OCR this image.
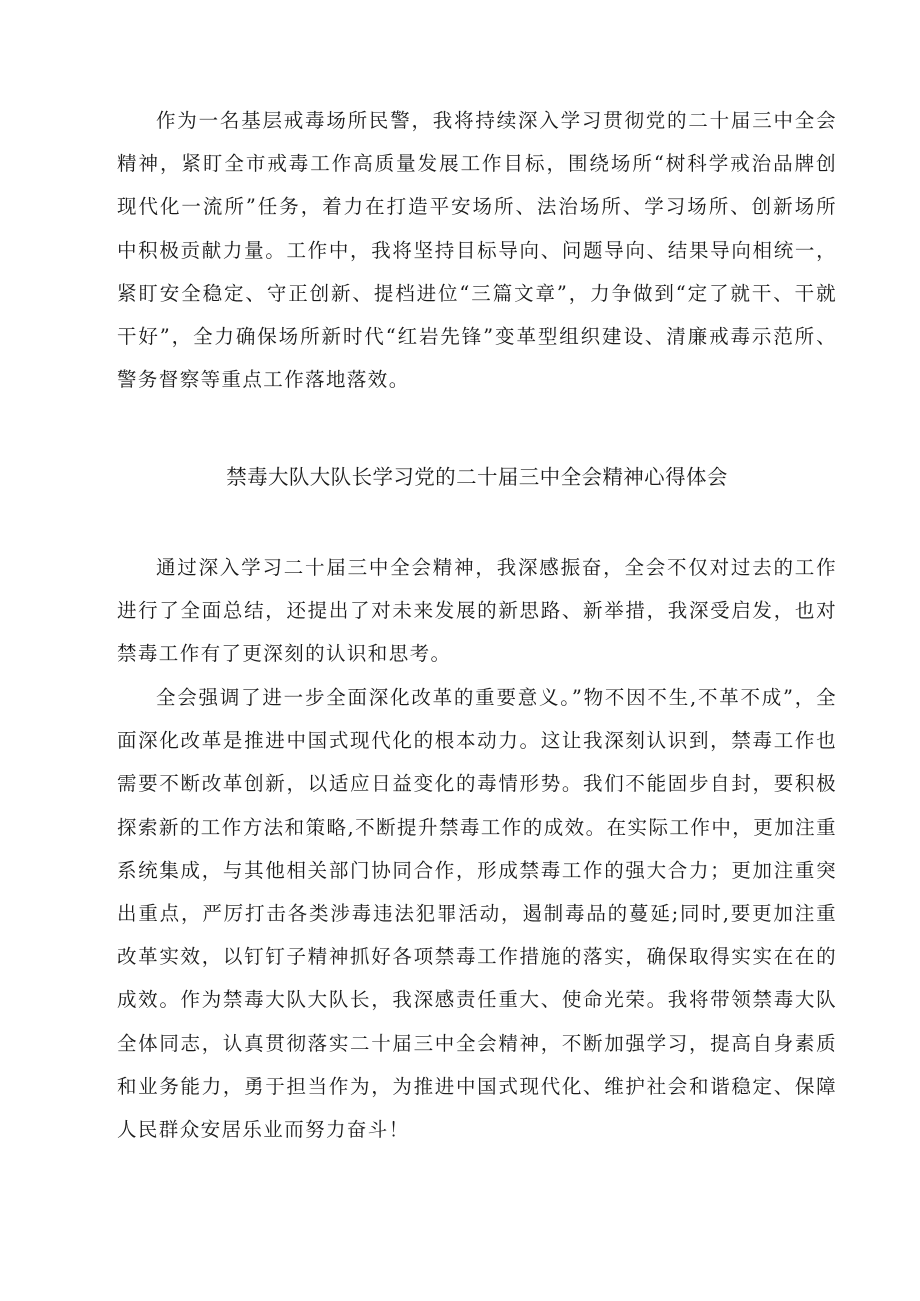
作为一名基层戒毒场所民警，我将持续深入学习贯彻党的二十届三中全会精神，紧盯全市戒毒工作高质量发展工作目标，围绕场所“树科学戒治品牌创现代化一流所”任务，着力在打造平安场所、法治场所、学习场所、创新场所中积极贡献力量。工作中，我将坚持目标导向、问题导向、结果导向相统一，紧盯安全稳定、守正创新、提档进位“三篇文章”，力争做到“定了就干、干就干好”，全力确保场所新时代“红岩先锋”变革型组织建设、清廉戒毒示范所、警务督察等重点工作落地落效。

禁毒大队大队长学习党的二十届三中全会精神心得体会

通过深入学习二十届三中全会精神，我深感振奋，全会不仅对过去的工作进行了全面总结，还提出了对未来发展的新思路、新举措，我深受启发，也对禁毒工作有了更深刻的认识和思考。

全会强调了进一步全面深化改革的重要意义。”物不因不生,不革不成”，全面深化改革是推进中国式现代化的根本动力。这让我深刻认识到，禁毒工作也需要不断改革创新，以适应日益变化的毒情形势。我们不能固步自封，要积极探索新的工作方法和策略,不断提升禁毒工作的成效。在实际工作中，更加注重系统集成，与其他相关部门协同合作，形成禁毒工作的强大合力；更加注重突出重点，严厉打击各类涉毒违法犯罪活动，遏制毒品的蔓延;同时,要更加注重改革实效，以钉钉子精神抓好各项禁毒工作措施的落实，确保取得实实在在的成效。作为禁毒大队大队长，我深感责任重大、使命光荣。我将带领禁毒大队全体同志，认真贯彻落实二十届三中全会精神，不断加强学习，提高自身素质和业务能力，勇于担当作为，为推进中国式现代化、维护社会和谐稳定、保障人民群众安居乐业而努力奋斗！
